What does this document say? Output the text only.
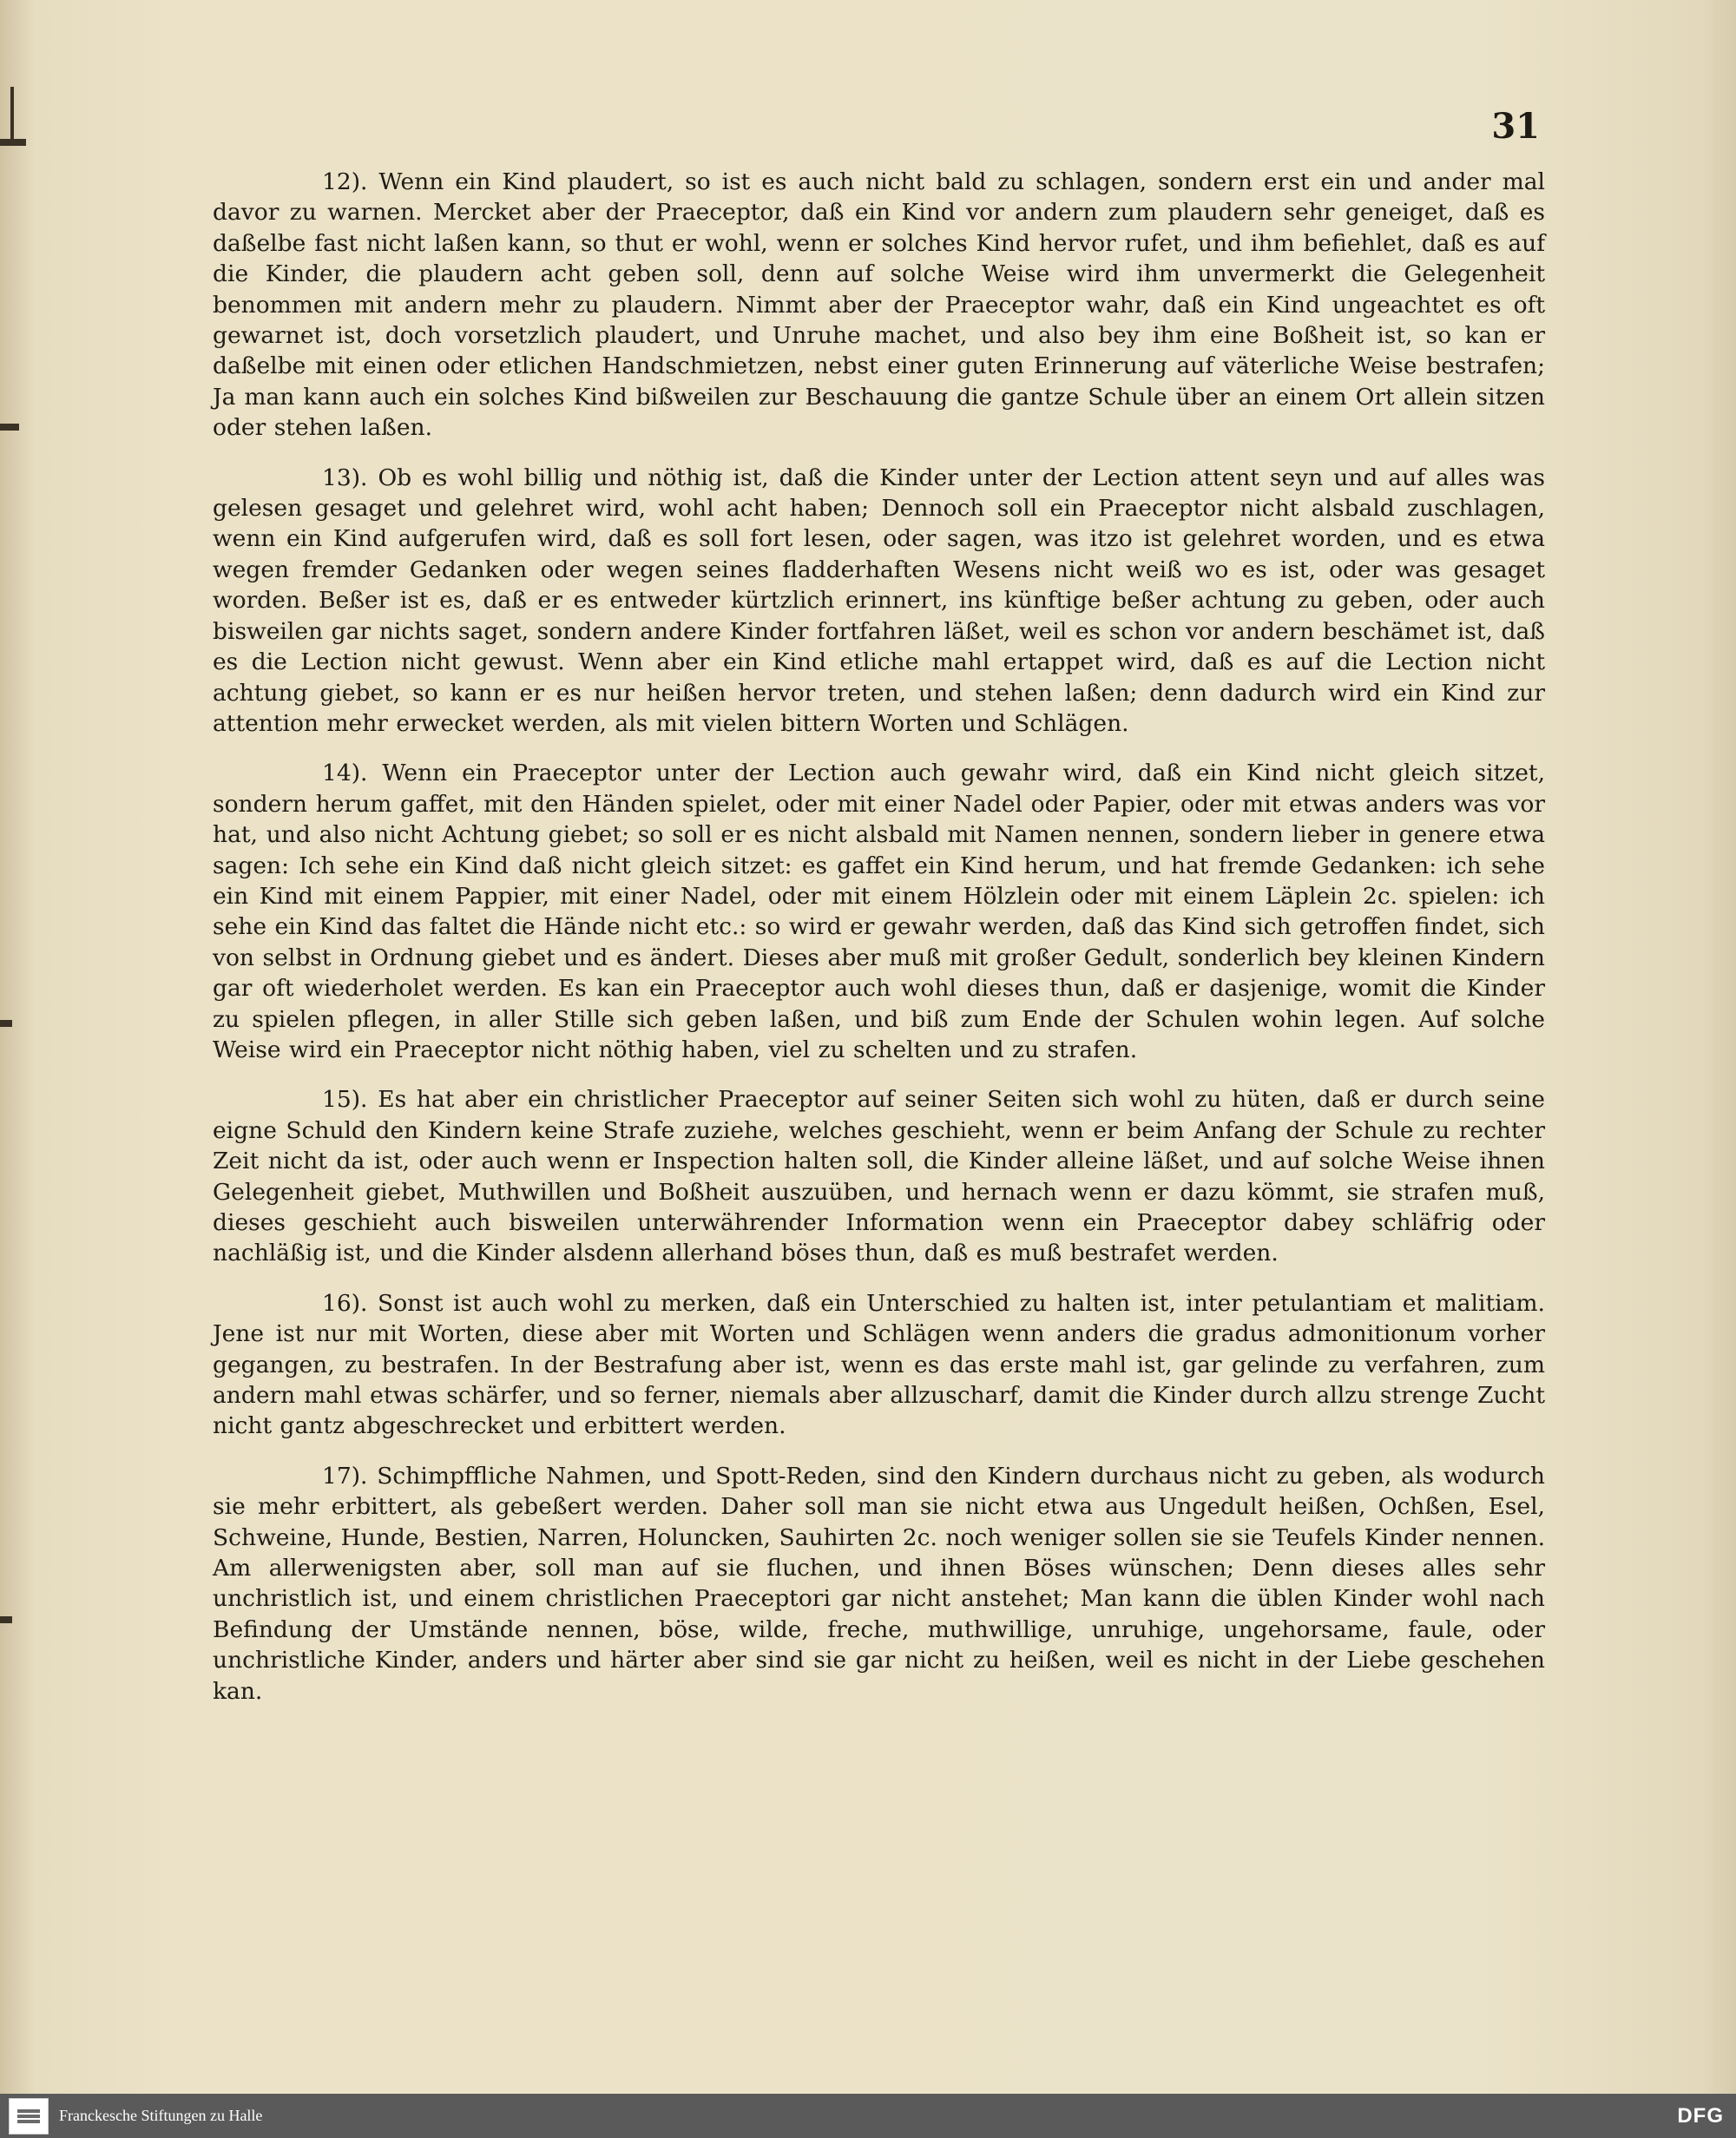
31

12). Wenn ein Kind plaudert, so ist es auch nicht bald zu schlagen, sondern erst ein und ander mal davor zu warnen. Mercket aber der Praeceptor, daß ein Kind vor andern zum plaudern sehr geneiget, daß es daßelbe fast nicht laßen kann, so thut er wohl, wenn er solches Kind hervor rufet, und ihm befiehlet, daß es auf die Kinder, die plaudern acht geben soll, denn auf solche Weise wird ihm unvermerkt die Gelegenheit benommen mit andern mehr zu plaudern. Nimmt aber der Praeceptor wahr, daß ein Kind ungeachtet es oft gewarnet ist, doch vorsetzlich plaudert, und Unruhe machet, und also bey ihm eine Boßheit ist, so kan er daßelbe mit einen oder etlichen Handschmietzen, nebst einer guten Erinnerung auf väterliche Weise bestrafen; Ja man kann auch ein solches Kind bißweilen zur Beschauung die gantze Schule über an einem Ort allein sitzen oder stehen laßen.

13). Ob es wohl billig und nöthig ist, daß die Kinder unter der Lection attent seyn und auf alles was gelesen gesaget und gelehret wird, wohl acht haben; Dennoch soll ein Praeceptor nicht alsbald zuschlagen, wenn ein Kind aufgerufen wird, daß es soll fort lesen, oder sagen, was itzo ist gelehret worden, und es etwa wegen fremder Gedanken oder wegen seines fladderhaften Wesens nicht weiß wo es ist, oder was gesaget worden. Beßer ist es, daß er es entweder kürtzlich erinnert, ins künftige beßer achtung zu geben, oder auch bisweilen gar nichts saget, sondern andere Kinder fortfahren läßet, weil es schon vor andern beschämet ist, daß es die Lection nicht gewust. Wenn aber ein Kind etliche mahl ertappet wird, daß es auf die Lection nicht achtung giebet, so kann er es nur heißen hervor treten, und stehen laßen; denn dadurch wird ein Kind zur attention mehr erwecket werden, als mit vielen bittern Worten und Schlägen.

14). Wenn ein Praeceptor unter der Lection auch gewahr wird, daß ein Kind nicht gleich sitzet, sondern herum gaffet, mit den Händen spielet, oder mit einer Nadel oder Papier, oder mit etwas anders was vor hat, und also nicht Achtung giebet; so soll er es nicht alsbald mit Namen nennen, sondern lieber in genere etwa sagen: Ich sehe ein Kind daß nicht gleich sitzet: es gaffet ein Kind herum, und hat fremde Gedanken: ich sehe ein Kind mit einem Pappier, mit einer Nadel, oder mit einem Hölzlein oder mit einem Läplein 2c. spielen: ich sehe ein Kind das faltet die Hände nicht etc.: so wird er gewahr werden, daß das Kind sich getroffen findet, sich von selbst in Ordnung giebet und es ändert. Dieses aber muß mit großer Gedult, sonderlich bey kleinen Kindern gar oft wiederholet werden. Es kan ein Praeceptor auch wohl dieses thun, daß er dasjenige, womit die Kinder zu spielen pflegen, in aller Stille sich geben laßen, und biß zum Ende der Schulen wohin legen. Auf solche Weise wird ein Praeceptor nicht nöthig haben, viel zu schelten und zu strafen.

15). Es hat aber ein christlicher Praeceptor auf seiner Seiten sich wohl zu hüten, daß er durch seine eigne Schuld den Kindern keine Strafe zuziehe, welches geschieht, wenn er beim Anfang der Schule zu rechter Zeit nicht da ist, oder auch wenn er Inspection halten soll, die Kinder alleine läßet, und auf solche Weise ihnen Gelegenheit giebet, Muthwillen und Boßheit auszuüben, und hernach wenn er dazu kömmt, sie strafen muß, dieses geschieht auch bisweilen unterwährender Information wenn ein Praeceptor dabey schläfrig oder nachläßig ist, und die Kinder alsdenn allerhand böses thun, daß es muß bestrafet werden.

16). Sonst ist auch wohl zu merken, daß ein Unterschied zu halten ist, inter petulantiam et malitiam. Jene ist nur mit Worten, diese aber mit Worten und Schlägen wenn anders die gradus admonitionum vorher gegangen, zu bestrafen. In der Bestrafung aber ist, wenn es das erste mahl ist, gar gelinde zu verfahren, zum andern mahl etwas schärfer, und so ferner, niemals aber allzuscharf, damit die Kinder durch allzu strenge Zucht nicht gantz abgeschrecket und erbittert werden.

17). Schimpffliche Nahmen, und Spott-Reden, sind den Kindern durchaus nicht zu geben, als wodurch sie mehr erbittert, als gebeßert werden. Daher soll man sie nicht etwa aus Ungedult heißen, Ochßen, Esel, Schweine, Hunde, Bestien, Narren, Holuncken, Sauhirten 2c. noch weniger sollen sie sie Teufels Kinder nennen. Am allerwenigsten aber, soll man auf sie fluchen, und ihnen Böses wünschen; Denn dieses alles sehr unchristlich ist, und einem christlichen Praeceptori gar nicht anstehet; Man kann die üblen Kinder wohl nach Befindung der Umstände nennen, böse, wilde, freche, muthwillige, unruhige, ungehorsame, faule, oder unchristliche Kinder, anders und härter aber sind sie gar nicht zu heißen, weil es nicht in der Liebe geschehen kan.

Franckesche Stiftungen zu Halle	DFG
